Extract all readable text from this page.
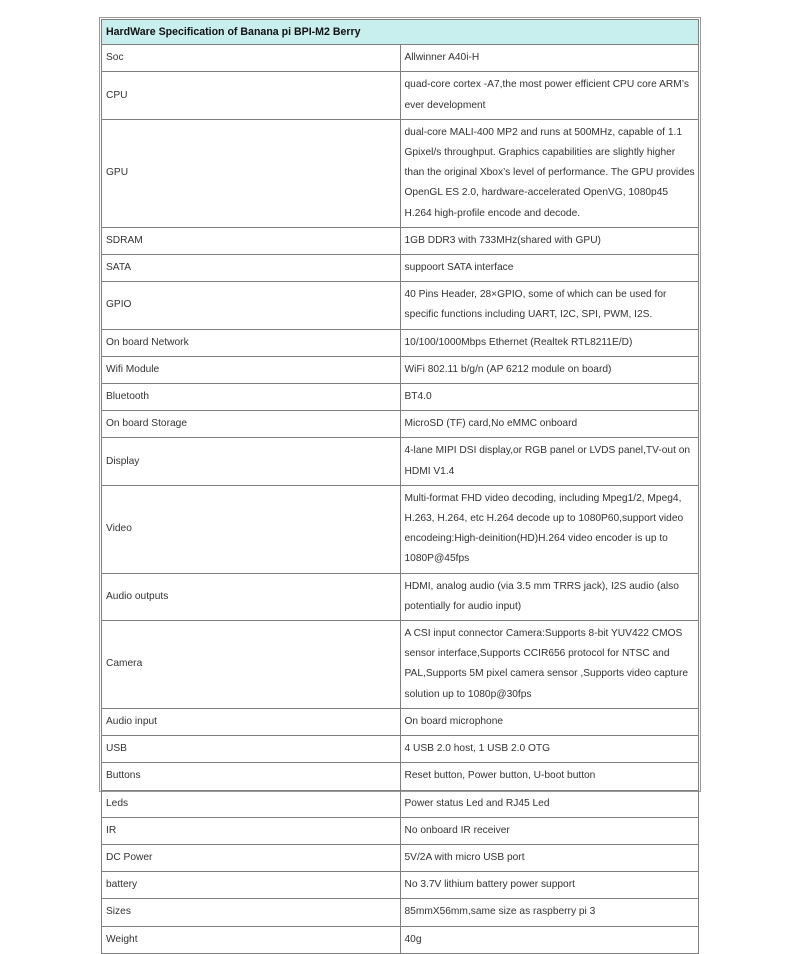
HardWare Specification of Banana pi BPI-M2 Berry	
Soc	Allwinner A40i-H
CPU	quad-core cortex -A7,the most power efficient CPU core ARM’s ever development
GPU	dual-core MALI-400 MP2 and runs at 500MHz, capable of 1.1 Gpixel/s throughput. Graphics capabilities are slightly higher than the original Xbox’s level of performance. The GPU provides OpenGL ES 2.0, hardware-accelerated OpenVG, 1080p45 H.264 high-profile encode and decode.
SDRAM	1GB DDR3 with 733MHz(shared with GPU)
SATA	suppoort SATA interface
GPIO	40 Pins Header, 28×GPIO, some of which can be used for specific functions including UART, I2C, SPI, PWM, I2S.
On board Network	10/100/1000Mbps Ethernet (Realtek RTL8211E/D)
Wifi Module	WiFi 802.11 b/g/n (AP 6212 module on board)
Bluetooth	BT4.0
On board Storage	MicroSD (TF) card,No eMMC onboard
Display	4-lane MIPI DSI display,or RGB panel or LVDS panel,TV-out on HDMI V1.4
Video	Multi-format FHD video decoding, including Mpeg1/2, Mpeg4, H.263, H.264, etc H.264 decode up to 1080P60,support video encodeing:High-deinition(HD)H.264 video encoder is up to 1080P@45fps
Audio outputs	HDMI, analog audio (via 3.5 mm TRRS jack), I2S audio (also potentially for audio input)
Camera	A CSI input connector Camera:Supports 8-bit YUV422 CMOS sensor interface,Supports CCIR656 protocol for NTSC and PAL,Supports 5M pixel camera sensor ,Supports video capture solution up to 1080p@30fps
Audio input	On board microphone
USB	4 USB 2.0 host, 1 USB 2.0 OTG
Buttons	Reset button, Power button, U-boot button
Leds	Power status Led and RJ45 Led
IR	No onboard IR receiver
DC Power	5V/2A with micro USB port
battery	No 3.7V lithium battery power support
Sizes	85mmX56mm,same size as raspberry pi 3
Weight	40g
